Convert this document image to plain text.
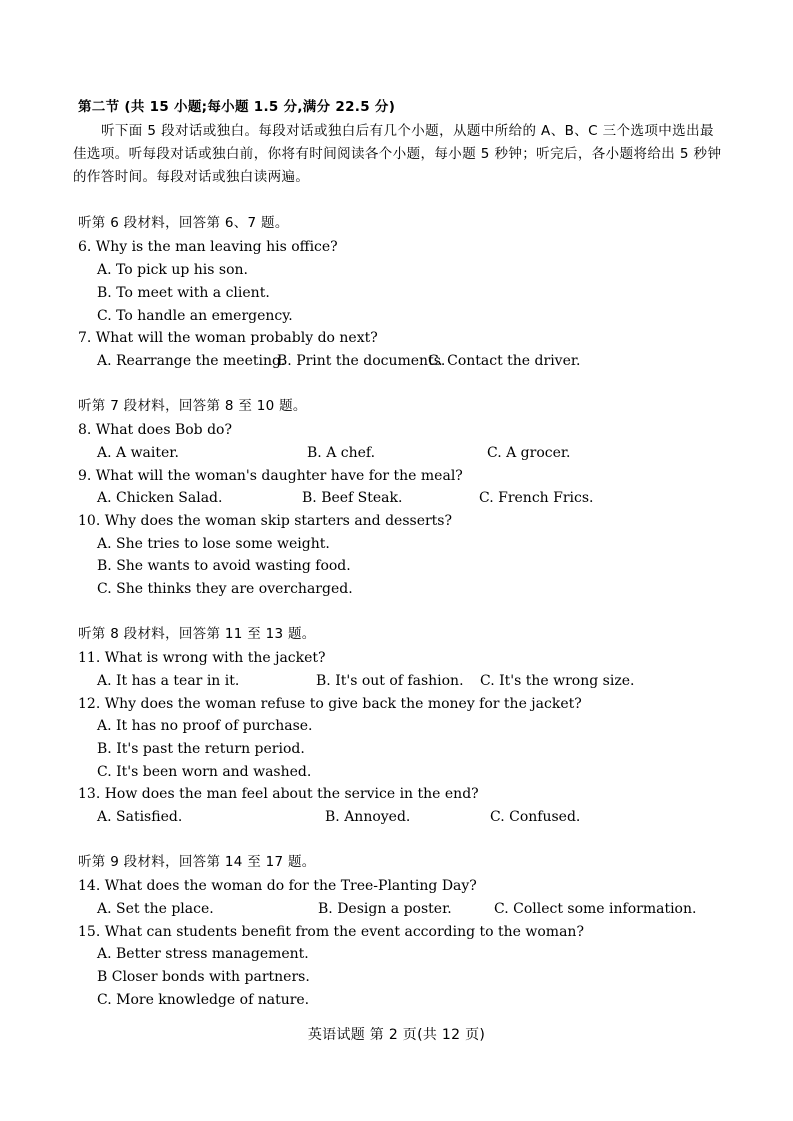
第二节 (共 15 小题;每小题 1.5 分,满分 22.5 分)
听下面 5 段对话或独白。每段对话或独白后有几个小题，从题中所给的 A、B、C 三个选项中选出最佳选项。听每段对话或独白前，你将有时间阅读各个小题，每小题 5 秒钟；听完后，各小题将给出 5 秒钟的作答时间。每段对话或独白读两遍。
听第 6 段材料，回答第 6、7 题。
6. Why is the man leaving his office?
A. To pick up his son.
B. To meet with a client.
C. To handle an emergency.
7. What will the woman probably do next?
A. Rearrange the meeting.
B. Print the documents.
C. Contact the driver.
听第 7 段材料，回答第 8 至 10 题。
8. What does Bob do?
A. A waiter.	B. A chef.	C. A grocer.
9. What will the woman's daughter have for the meal?
A. Chicken Salad.	B. Beef Steak.	C. French Frics.
10. Why does the woman skip starters and desserts?
A. She tries to lose some weight.
B. She wants to avoid wasting food.
C. She thinks they are overcharged.
听第 8 段材料，回答第 11 至 13 题。
11. What is wrong with the jacket?
A. It has a tear in it.	B. It's out of fashion. C. It's the wrong size.
12. Why does the woman refuse to give back the money for the jacket?
A. It has no proof of purchase.
B. It's past the return period.
C. It's been worn and washed.
13. How does the man feel about the service in the end?
A. Satisfied.	B. Annoyed.	C. Confused.
听第 9 段材料，回答第 14 至 17 题。
14. What does the woman do for the Tree-Planting Day?
A. Set the place.	B. Design a poster.	C. Collect some information.
15. What can students benefit from the event according to the woman?
A. Better stress management.
B Closer bonds with partners.
C. More knowledge of nature.
英语试题 第 2 页(共 12 页)
